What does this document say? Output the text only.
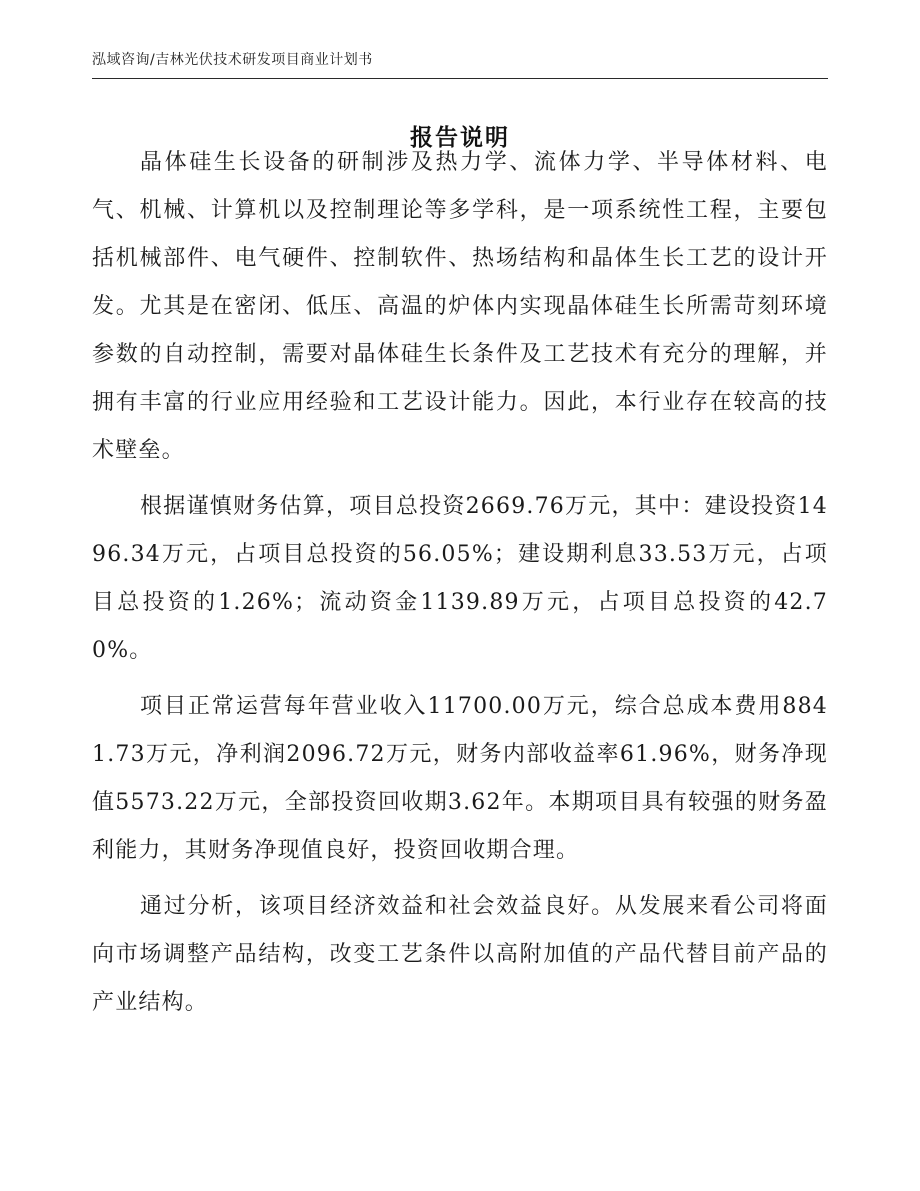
泓域咨询/吉林光伏技术研发项目商业计划书
报告说明

晶体硅生长设备的研制涉及热力学、流体力学、半导体材料、电气、机械、计算机以及控制理论等多学科，是一项系统性工程，主要包括机械部件、电气硬件、控制软件、热场结构和晶体生长工艺的设计开发。尤其是在密闭、低压、高温的炉体内实现晶体硅生长所需苛刻环境参数的自动控制，需要对晶体硅生长条件及工艺技术有充分的理解，并拥有丰富的行业应用经验和工艺设计能力。因此，本行业存在较高的技术壁垒。

根据谨慎财务估算，项目总投资2669.76万元，其中：建设投资1496.34万元，占项目总投资的56.05%；建设期利息33.53万元，占项目总投资的1.26%；流动资金1139.89万元，占项目总投资的42.70%。

项目正常运营每年营业收入11700.00万元，综合总成本费用8841.73万元，净利润2096.72万元，财务内部收益率61.96%，财务净现值5573.22万元，全部投资回收期3.62年。本期项目具有较强的财务盈利能力，其财务净现值良好，投资回收期合理。

通过分析，该项目经济效益和社会效益良好。从发展来看公司将面向市场调整产品结构，改变工艺条件以高附加值的产品代替目前产品的产业结构。
